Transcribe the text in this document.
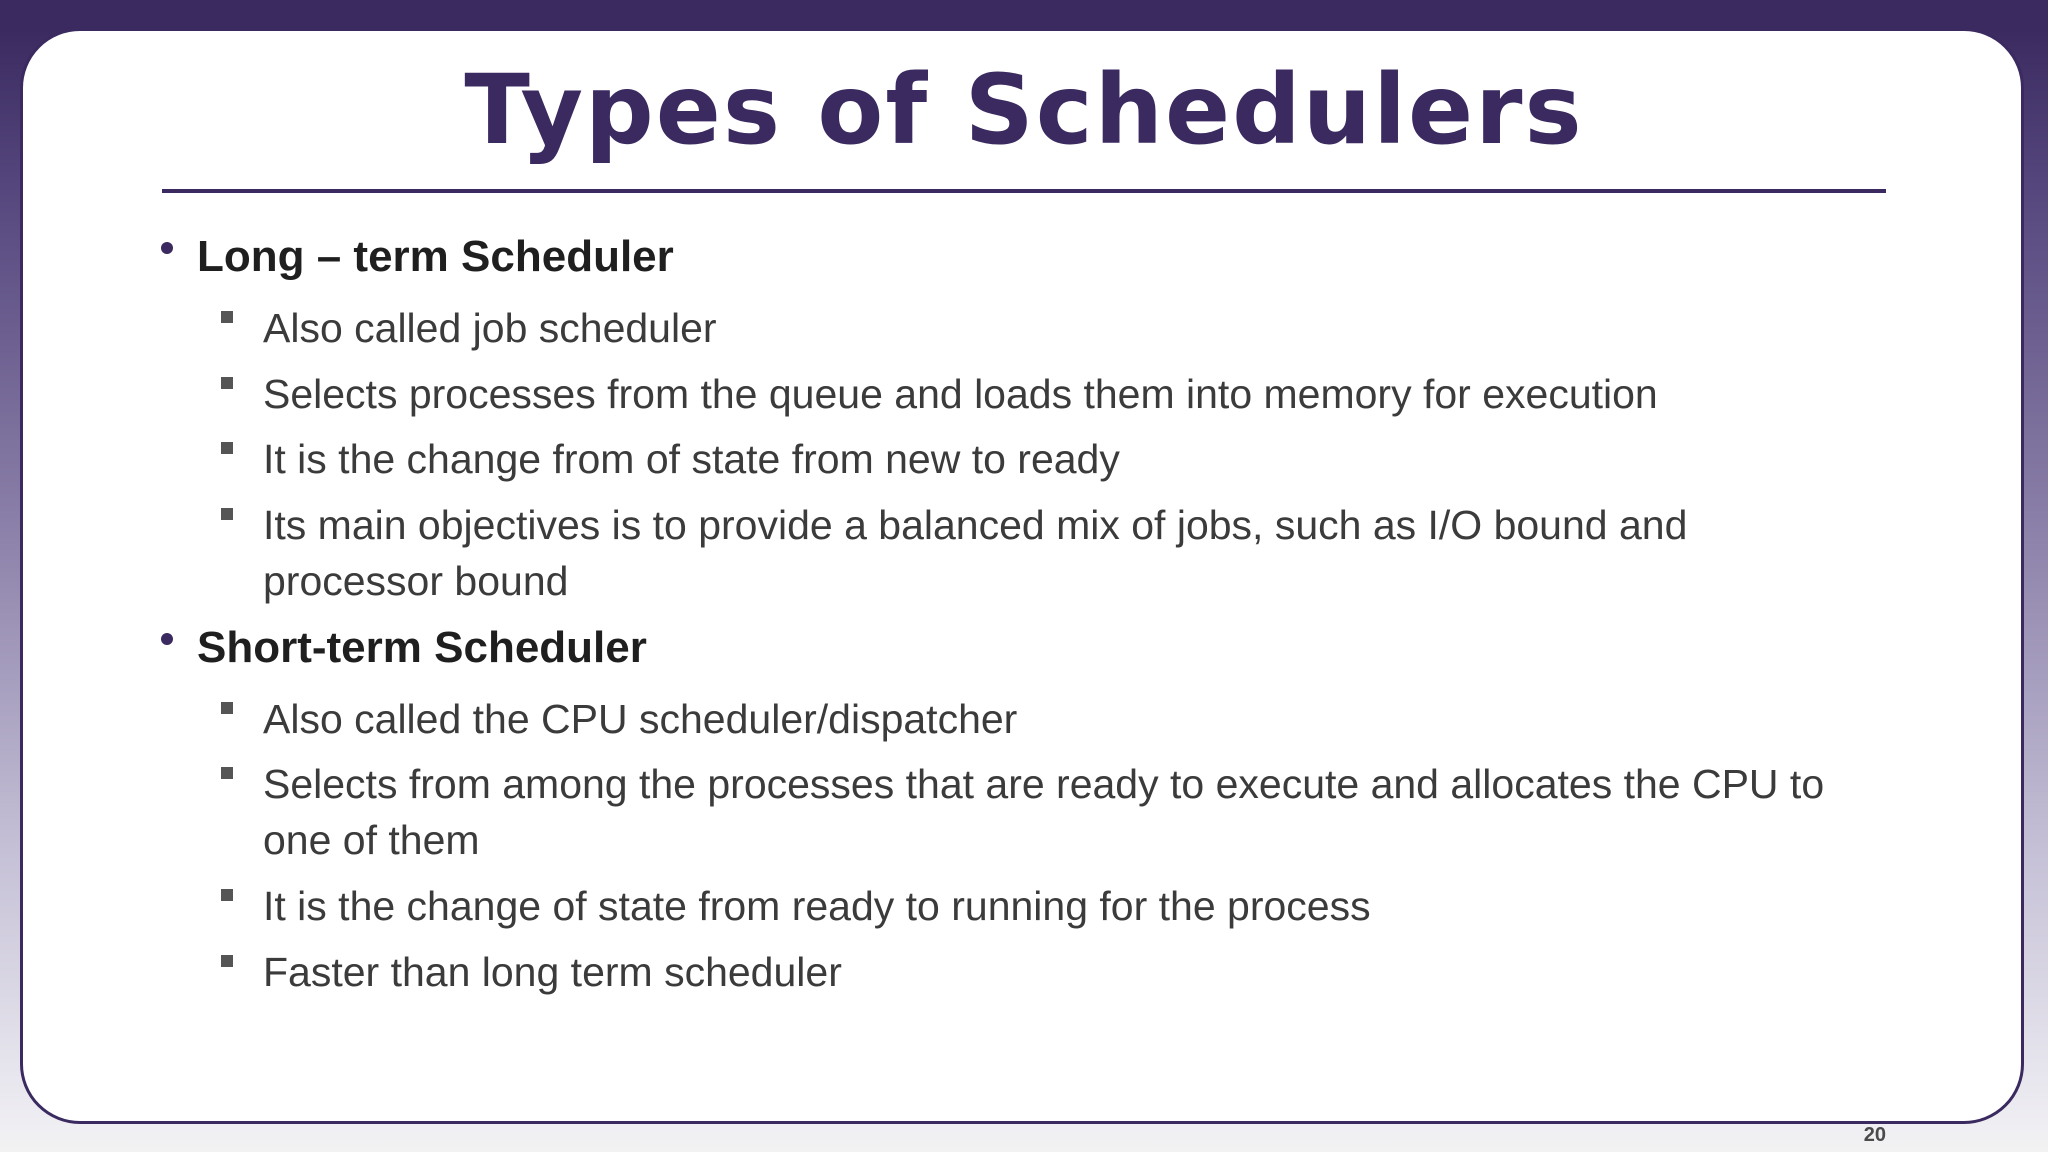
Types of Schedulers
Long – term Scheduler
Also called job scheduler
Selects processes from the queue and loads them into memory for execution
It is the change from of state from new to ready
Its main objectives is to provide a balanced mix of jobs, such as I/O bound and
processor bound
Short-term Scheduler
Also called the CPU scheduler/dispatcher
Selects from among the processes that are ready to execute and allocates the CPU to
one of them
It is the change of state from ready to running for the process
Faster than long term scheduler
20
